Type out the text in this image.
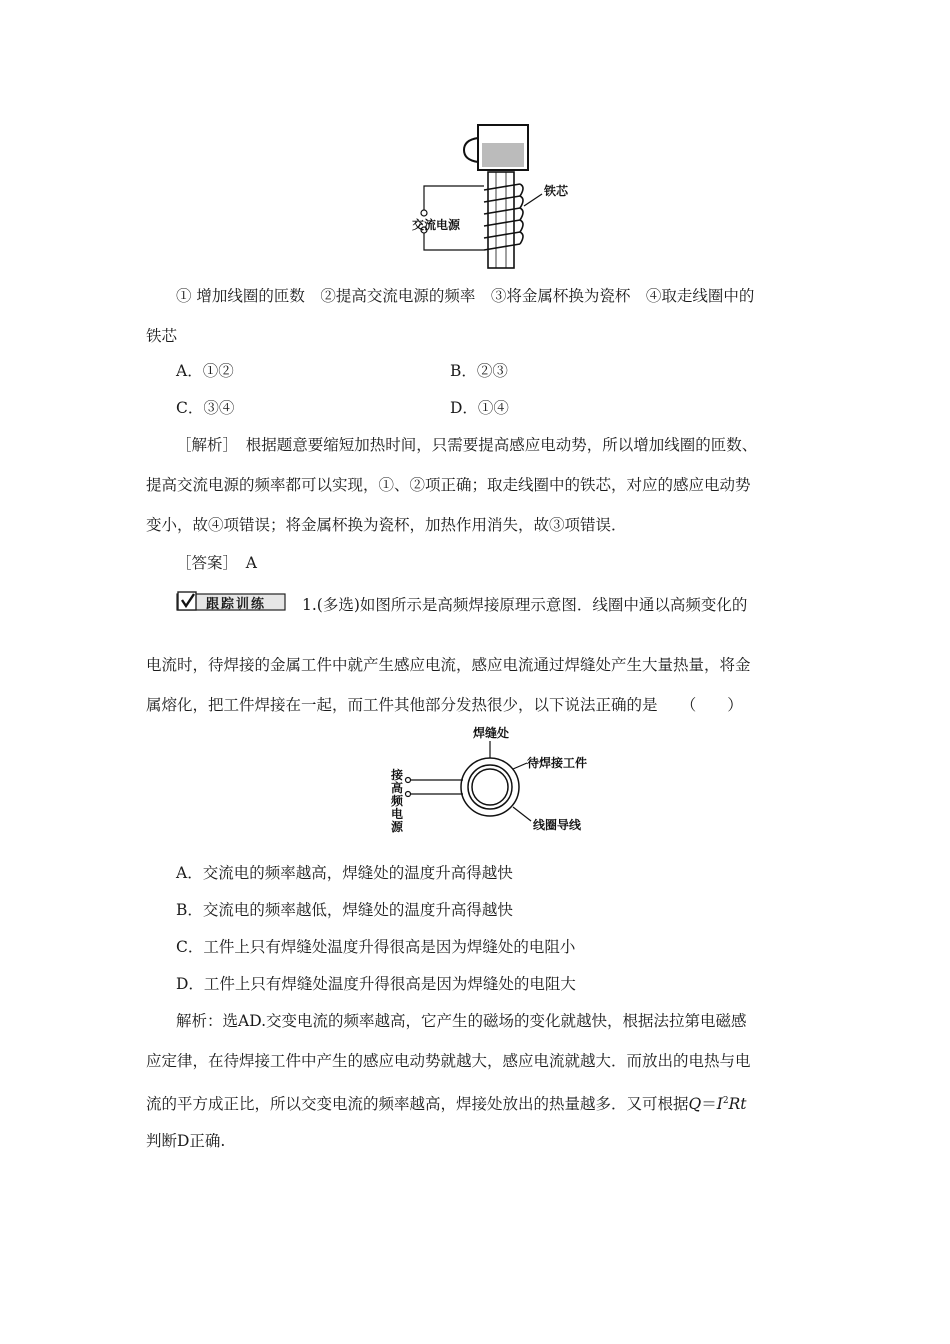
交流电源
铁芯
① 增加线圈的匝数　②提高交流电源的频率　③将金属杯换为瓷杯　④取走线圈中的
铁芯
A．①②	B．②③
C．③④	D．①④
［解析］　根据题意要缩短加热时间，只需要提高感应电动势，所以增加线圈的匝数、
提高交流电源的频率都可以实现，①、②项正确；取走线圈中的铁芯，对应的感应电动势
变小，故④项错误；将金属杯换为瓷杯，加热作用消失，故③项错误．
［答案］　A
跟踪训练 1.(多选)如图所示是高频焊接原理示意图．线圈中通以高频变化的
电流时，待焊接的金属工件中就产生感应电流，感应电流通过焊缝处产生大量热量，将金
属熔化，把工件焊接在一起，而工件其他部分发热很少，以下说法正确的是　　（　　）
焊缝处
待焊接工件
线圈导线
接
高
频
电
源
A．交流电的频率越高，焊缝处的温度升高得越快
B．交流电的频率越低，焊缝处的温度升高得越快
C．工件上只有焊缝处温度升得很高是因为焊缝处的电阻小
D．工件上只有焊缝处温度升得很高是因为焊缝处的电阻大
解析：选AD.交变电流的频率越高，它产生的磁场的变化就越快，根据法拉第电磁感
应定律，在待焊接工件中产生的感应电动势就越大，感应电流就越大．而放出的电热与电
流的平方成正比，所以交变电流的频率越高，焊接处放出的热量越多．又可根据$Q=I^2Rt$
判断D正确.
